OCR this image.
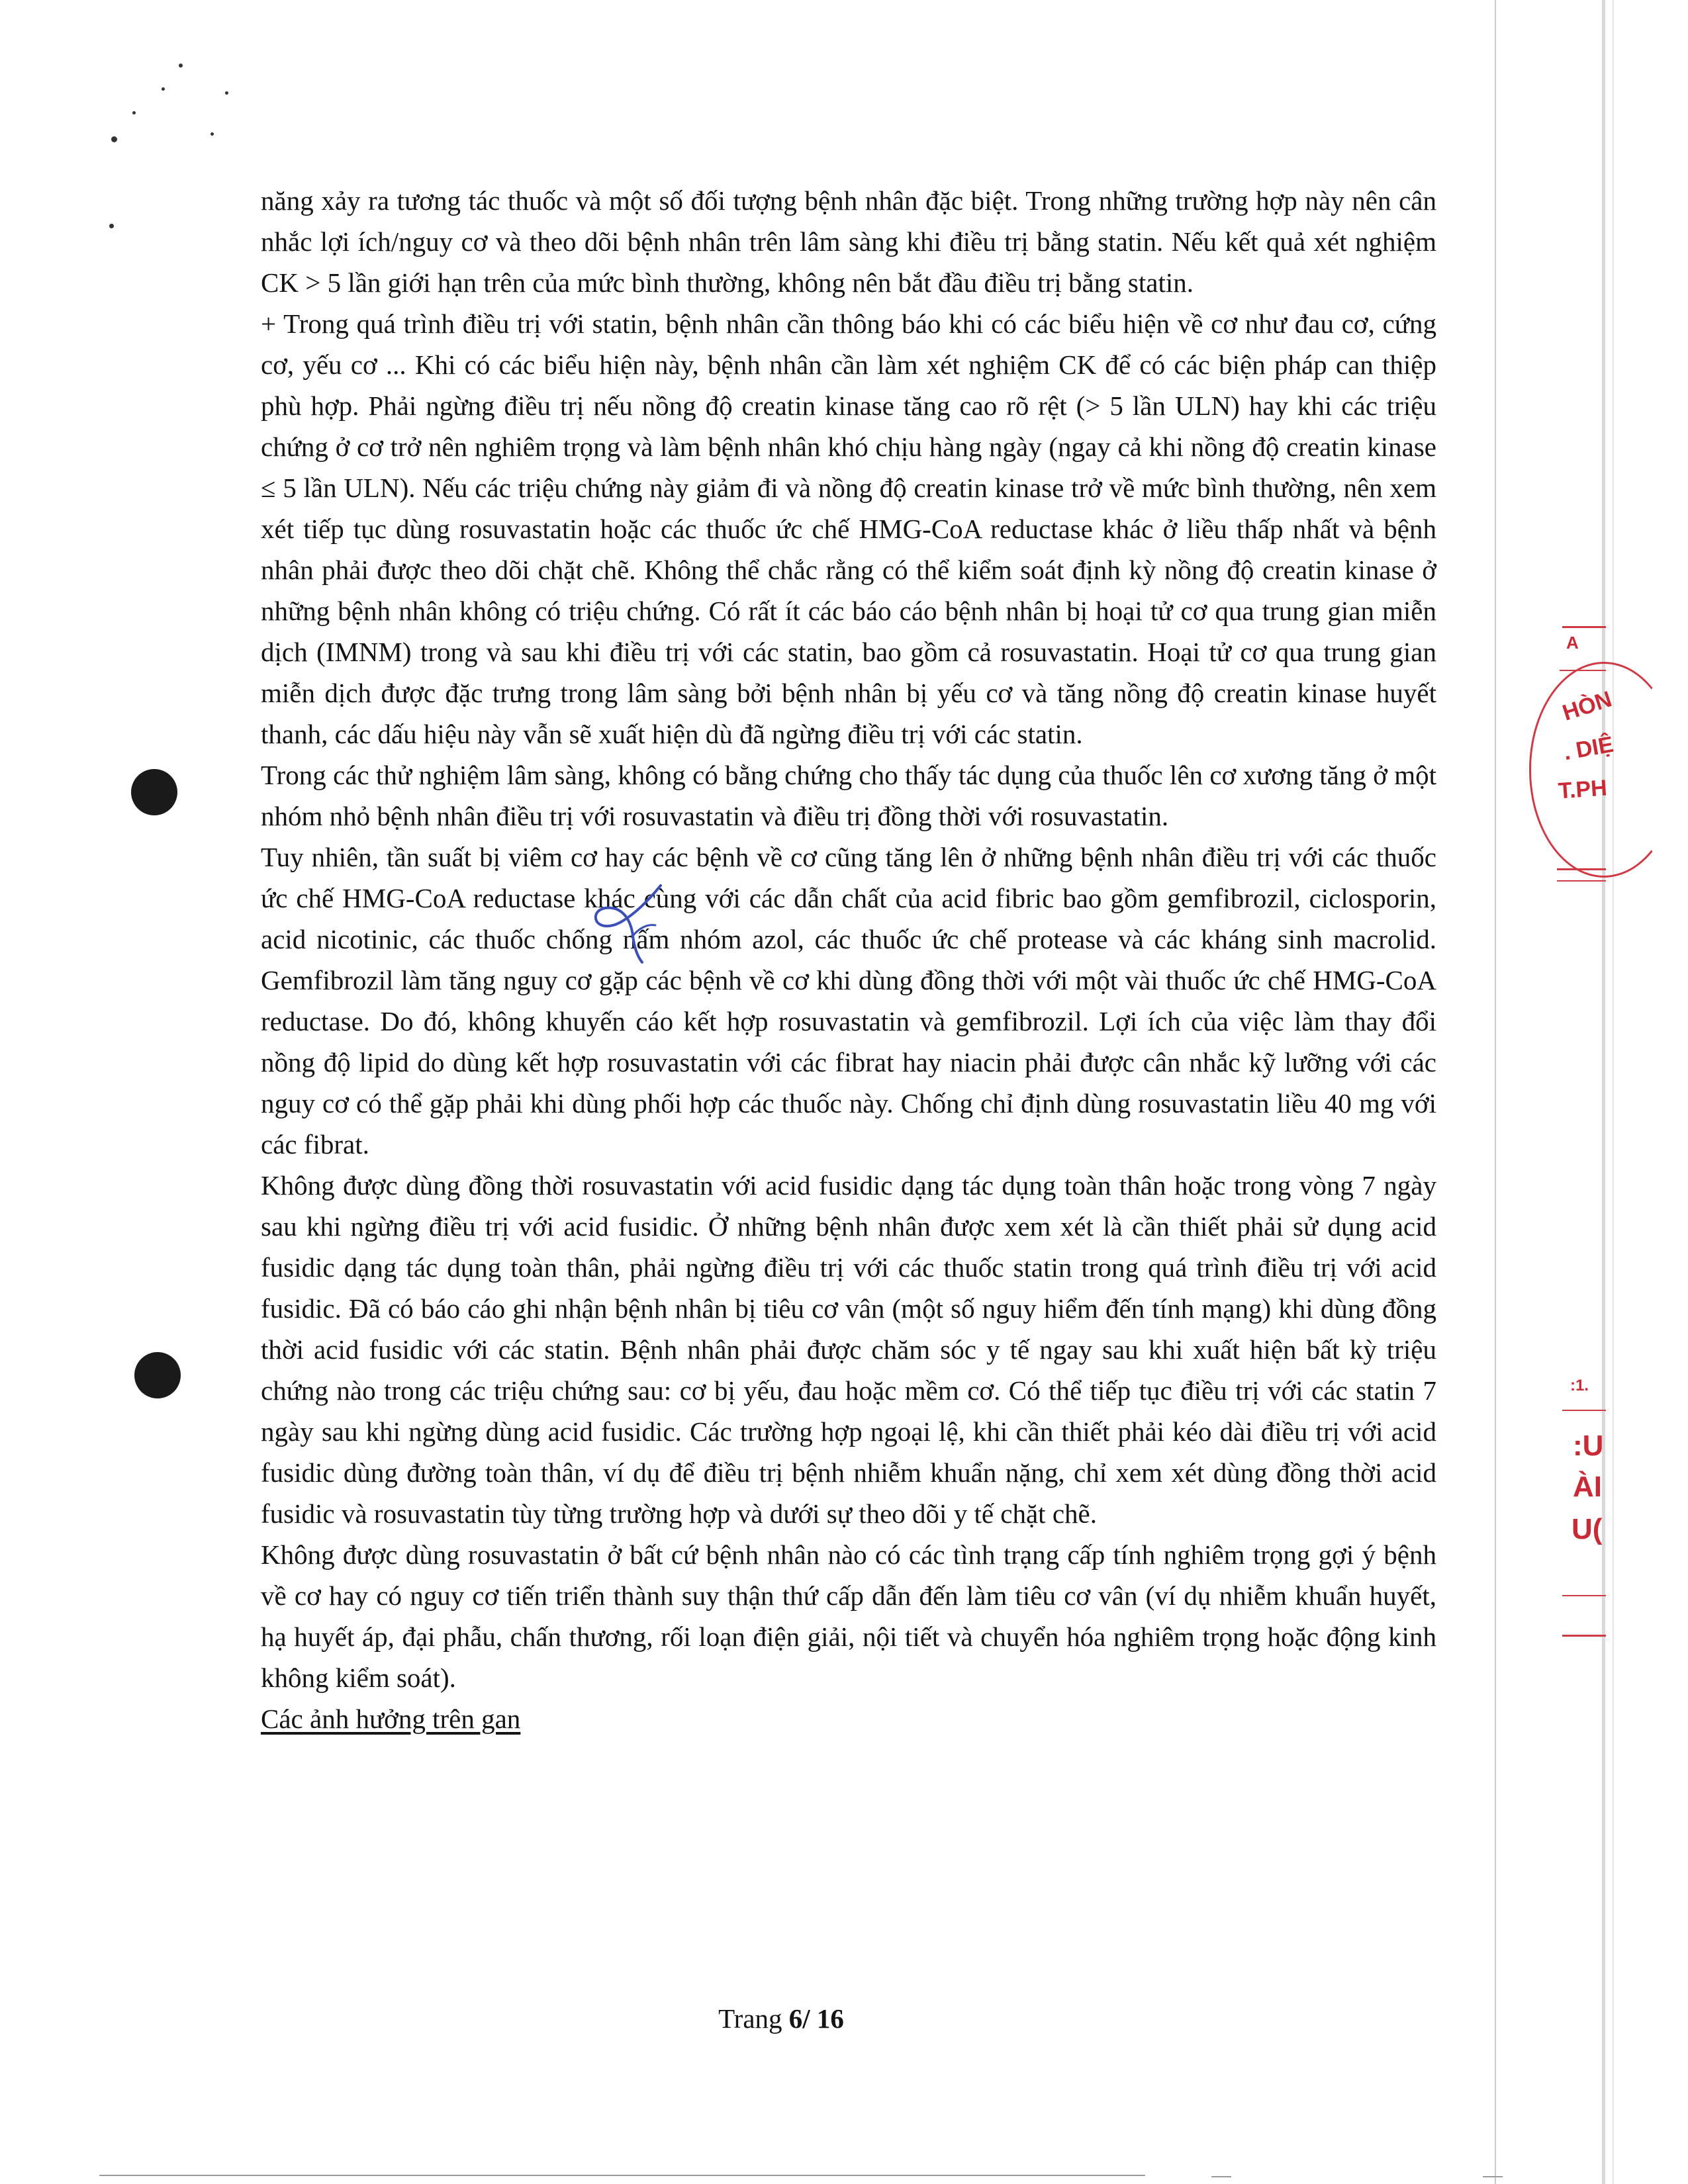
năng xảy ra tương tác thuốc và một số đối tượng bệnh nhân đặc biệt. Trong những trường hợp này nên cân nhắc lợi ích/nguy cơ và theo dõi bệnh nhân trên lâm sàng khi điều trị bằng statin. Nếu kết quả xét nghiệm CK > 5 lần giới hạn trên của mức bình thường, không nên bắt đầu điều trị bằng statin.

+ Trong quá trình điều trị với statin, bệnh nhân cần thông báo khi có các biểu hiện về cơ như đau cơ, cứng cơ, yếu cơ ... Khi có các biểu hiện này, bệnh nhân cần làm xét nghiệm CK để có các biện pháp can thiệp phù hợp. Phải ngừng điều trị nếu nồng độ creatin kinase tăng cao rõ rệt (> 5 lần ULN) hay khi các triệu chứng ở cơ trở nên nghiêm trọng và làm bệnh nhân khó chịu hàng ngày (ngay cả khi nồng độ creatin kinase ≤ 5 lần ULN). Nếu các triệu chứng này giảm đi và nồng độ creatin kinase trở về mức bình thường, nên xem xét tiếp tục dùng rosuvastatin hoặc các thuốc ức chế HMG-CoA reductase khác ở liều thấp nhất và bệnh nhân phải được theo dõi chặt chẽ. Không thể chắc rằng có thể kiểm soát định kỳ nồng độ creatin kinase ở những bệnh nhân không có triệu chứng. Có rất ít các báo cáo bệnh nhân bị hoại tử cơ qua trung gian miễn dịch (IMNM) trong và sau khi điều trị với các statin, bao gồm cả rosuvastatin. Hoại tử cơ qua trung gian miễn dịch được đặc trưng trong lâm sàng bởi bệnh nhân bị yếu cơ và tăng nồng độ creatin kinase huyết thanh, các dấu hiệu này vẫn sẽ xuất hiện dù đã ngừng điều trị với các statin.

Trong các thử nghiệm lâm sàng, không có bằng chứng cho thấy tác dụng của thuốc lên cơ xương tăng ở một nhóm nhỏ bệnh nhân điều trị với rosuvastatin và điều trị đồng thời với rosuvastatin.

Tuy nhiên, tần suất bị viêm cơ hay các bệnh về cơ cũng tăng lên ở những bệnh nhân điều trị với các thuốc ức chế HMG-CoA reductase khác cùng với các dẫn chất của acid fibric bao gồm gemfibrozil, ciclosporin, acid nicotinic, các thuốc chống nấm nhóm azol, các thuốc ức chế protease và các kháng sinh macrolid. Gemfibrozil làm tăng nguy cơ gặp các bệnh về cơ khi dùng đồng thời với một vài thuốc ức chế HMG-CoA reductase. Do đó, không khuyến cáo kết hợp rosuvastatin và gemfibrozil. Lợi ích của việc làm thay đổi nồng độ lipid do dùng kết hợp rosuvastatin với các fibrat hay niacin phải được cân nhắc kỹ lưỡng với các nguy cơ có thể gặp phải khi dùng phối hợp các thuốc này. Chống chỉ định dùng rosuvastatin liều 40 mg với các fibrat.

Không được dùng đồng thời rosuvastatin với acid fusidic dạng tác dụng toàn thân hoặc trong vòng 7 ngày sau khi ngừng điều trị với acid fusidic. Ở những bệnh nhân được xem xét là cần thiết phải sử dụng acid fusidic dạng tác dụng toàn thân, phải ngừng điều trị với các thuốc statin trong quá trình điều trị với acid fusidic. Đã có báo cáo ghi nhận bệnh nhân bị tiêu cơ vân (một số nguy hiểm đến tính mạng) khi dùng đồng thời acid fusidic với các statin. Bệnh nhân phải được chăm sóc y tế ngay sau khi xuất hiện bất kỳ triệu chứng nào trong các triệu chứng sau: cơ bị yếu, đau hoặc mềm cơ. Có thể tiếp tục điều trị với các statin 7 ngày sau khi ngừng dùng acid fusidic. Các trường hợp ngoại lệ, khi cần thiết phải kéo dài điều trị với acid fusidic dùng đường toàn thân, ví dụ để điều trị bệnh nhiễm khuẩn nặng, chỉ xem xét dùng đồng thời acid fusidic và rosuvastatin tùy từng trường hợp và dưới sự theo dõi y tế chặt chẽ.

Không được dùng rosuvastatin ở bất cứ bệnh nhân nào có các tình trạng cấp tính nghiêm trọng gợi ý bệnh về cơ hay có nguy cơ tiến triển thành suy thận thứ cấp dẫn đến làm tiêu cơ vân (ví dụ nhiễm khuẩn huyết, hạ huyết áp, đại phẫu, chấn thương, rối loạn điện giải, nội tiết và chuyển hóa nghiêm trọng hoặc động kinh không kiểm soát).

Các ảnh hưởng trên gan

A
HÒN
. DIỆ
T.PH
:1.
:U
ÀI
U(
Trang 6/ 16
